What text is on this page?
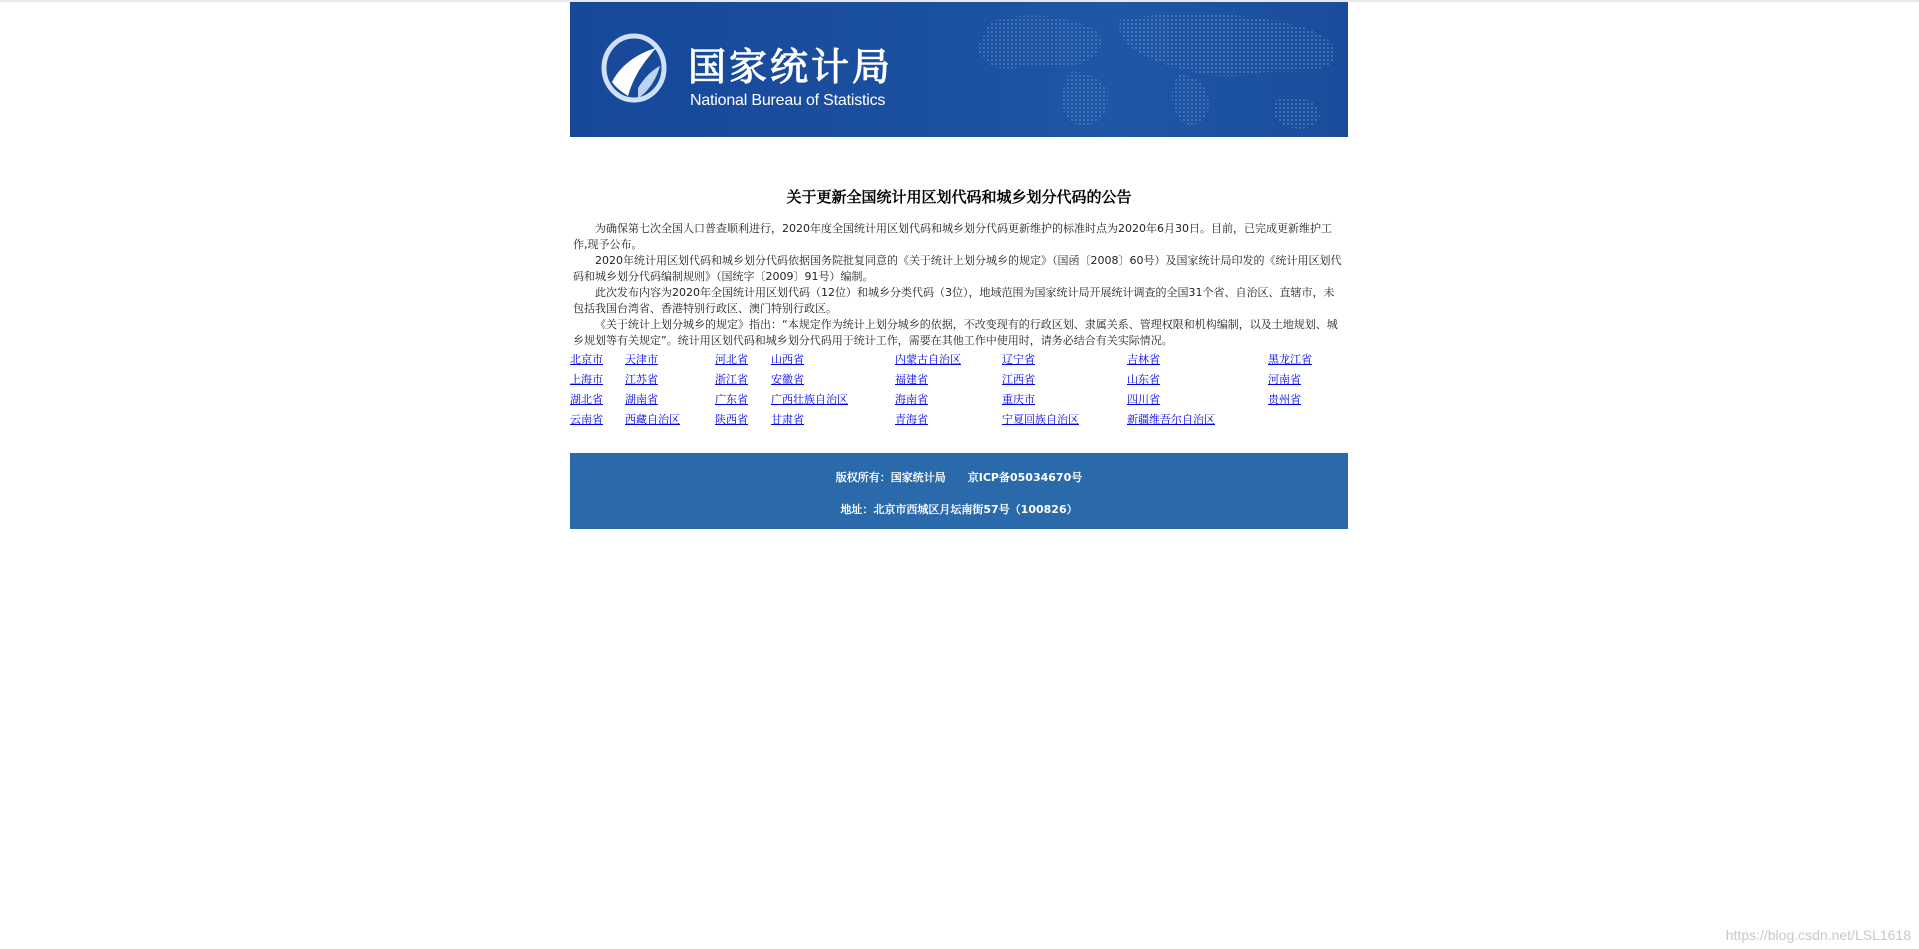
国家统计局
National Bureau of Statistics
关于更新全国统计用区划代码和城乡划分代码的公告

为确保第七次全国人口普查顺利进行，2020年度全国统计用区划代码和城乡划分代码更新维护的标准时点为2020年6月30日。目前，已完成更新维护工作,现予公布。

2020年统计用区划代码和城乡划分代码依据国务院批复同意的《关于统计上划分城乡的规定》（国函〔2008〕60号）及国家统计局印发的《统计用区划代码和城乡划分代码编制规则》（国统字〔2009〕91号）编制。

此次发布内容为2020年全国统计用区划代码（12位）和城乡分类代码（3位），地域范围为国家统计局开展统计调查的全国31个省、自治区、直辖市，未包括我国台湾省、香港特别行政区、澳门特别行政区。

《关于统计上划分城乡的规定》指出：“本规定作为统计上划分城乡的依据，不改变现有的行政区划、隶属关系、管理权限和机构编制，以及土地规划、城乡规划等有关规定”。统计用区划代码和城乡划分代码用于统计工作，需要在其他工作中使用时，请务必结合有关实际情况。

北京市	天津市	河北省	山西省	内蒙古自治区	辽宁省	吉林省	黑龙江省
上海市	江苏省	浙江省	安徽省	福建省	江西省	山东省	河南省
湖北省	湖南省	广东省	广西壮族自治区	海南省	重庆市	四川省	贵州省
云南省	西藏自治区	陕西省	甘肃省	青海省	宁夏回族自治区	新疆维吾尔自治区	
版权所有：国家统计局 京ICP备05034670号
地址：北京市西城区月坛南街57号（100826）
https://blog.csdn.net/LSL1618
